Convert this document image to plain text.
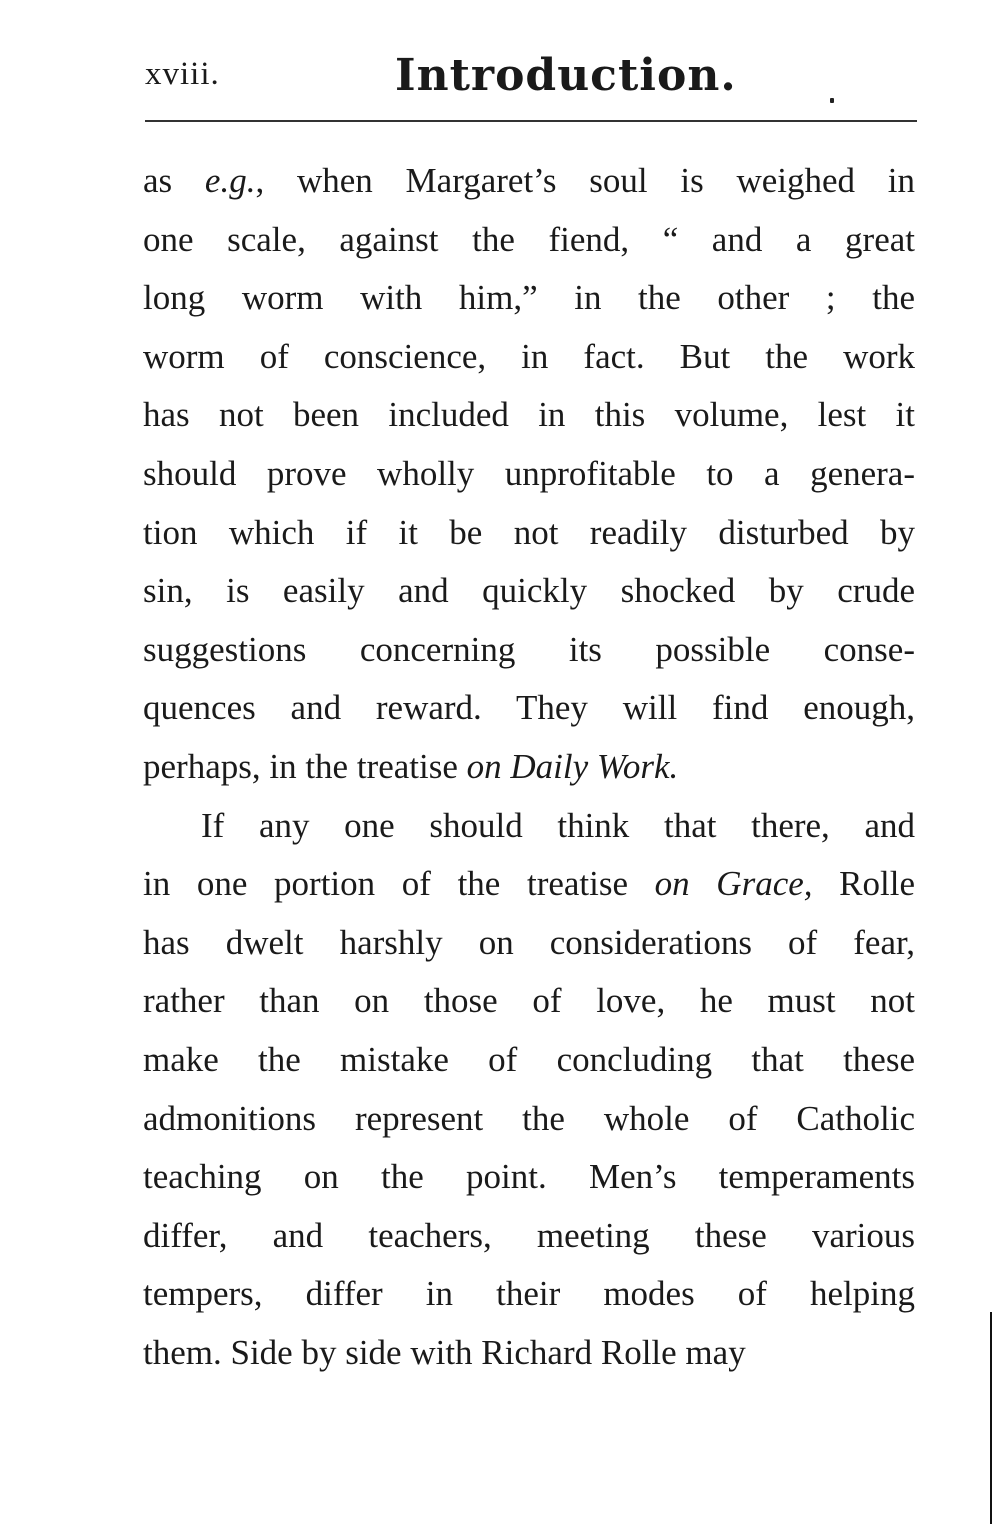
xviii.	Introduction.
as e.g., when Margaret’s soul is weighed in
one scale, against the fiend, “ and a great
long worm with him,” in the other ; the
worm of conscience, in fact. But the work
has not been included in this volume, lest it
should prove wholly unprofitable to a genera-
tion which if it be not readily disturbed by
sin, is easily and quickly shocked by crude
suggestions concerning its possible conse-
quences and reward. They will find enough,
perhaps, in the treatise on Daily Work.
If any one should think that there, and
in one portion of the treatise on Grace, Rolle
has dwelt harshly on considerations of fear,
rather than on those of love, he must not
make the mistake of concluding that these
admonitions represent the whole of Catholic
teaching on the point. Men’s temperaments
differ, and teachers, meeting these various
tempers, differ in their modes of helping
them. Side by side with Richard Rolle may
